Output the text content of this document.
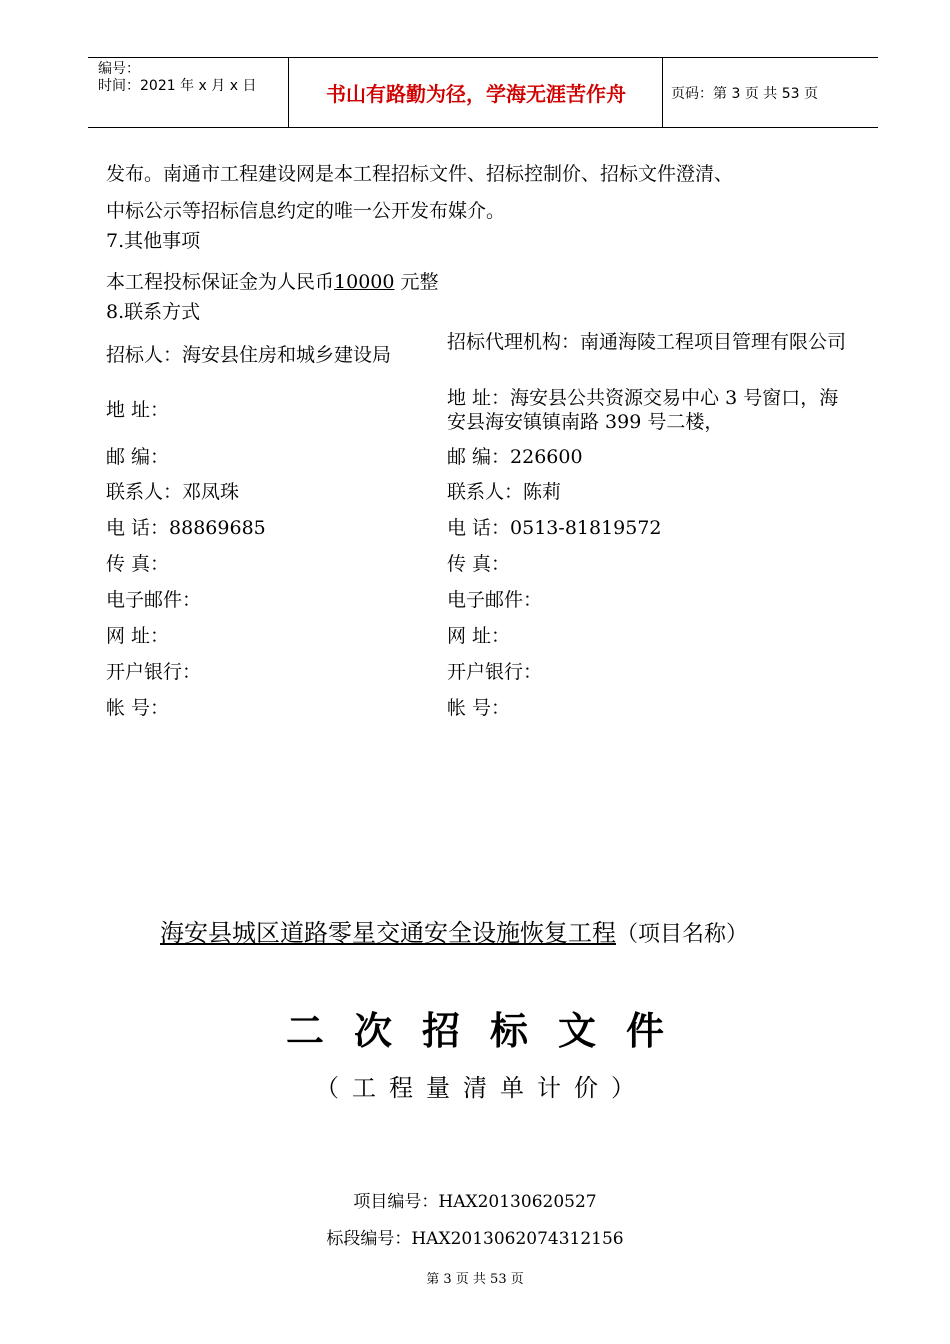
编号：
时间：2021 年 x 月 x 日	书山有路勤为径，学海无涯苦作舟	页码：第 3 页 共 53 页
发布。南通市工程建设网是本工程招标文件、招标控制价、招标文件澄清、
中标公示等招标信息约定的唯一公开发布媒介。
7.其他事项
本工程投标保证金为人民币10000 元整
8.联系方式
招标人：海安县住房和城乡建设局
地 址：
邮 编：
联系人：邓凤珠
电 话：88869685
传 真：
电子邮件：
网 址：
开户银行：
帐 号：
招标代理机构：南通海陵工程项目管理有限公司
地 址：海安县公共资源交易中心 3 号窗口，海安县海安镇镇南路 399 号二楼，
邮 编：226600
联系人：陈莉
电 话：0513-81819572
传 真：
电子邮件：
网 址：
开户银行：
帐 号：
海安县城区道路零星交通安全设施恢复工程（项目名称）
二次招标文件
（工程量清单计价）
项目编号：HAX20130620527
标段编号：HAX2013062074312156
第 3 页 共 53 页
